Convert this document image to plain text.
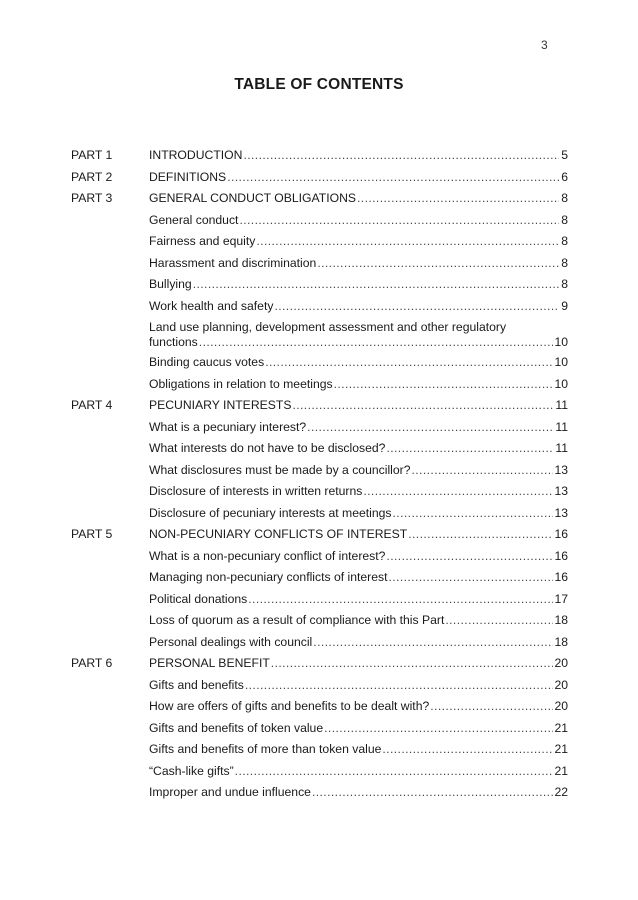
3
TABLE OF CONTENTS
PART 1	INTRODUCTION .....	5
PART 2	DEFINITIONS .....	6
PART 3	GENERAL CONDUCT OBLIGATIONS .....	8
General conduct .....	8
Fairness and equity .....	8
Harassment and discrimination .....	8
Bullying .....	8
Work health and safety .....	9
Land use planning, development assessment and other regulatory
functions .....	10
Binding caucus votes .....	10
Obligations in relation to meetings .....	10
PART 4	PECUNIARY INTERESTS .....	11
What is a pecuniary interest? .....	11
What interests do not have to be disclosed? .....	11
What disclosures must be made by a councillor? .....	13
Disclosure of interests in written returns .....	13
Disclosure of pecuniary interests at meetings .....	13
PART 5	NON-PECUNIARY CONFLICTS OF INTEREST .....	16
What is a non-pecuniary conflict of interest? .....	16
Managing non-pecuniary conflicts of interest .....	16
Political donations .....	17
Loss of quorum as a result of compliance with this Part .....	18
Personal dealings with council .....	18
PART 6	PERSONAL BENEFIT .....	20
Gifts and benefits .....	20
How are offers of gifts and benefits to be dealt with? .....	20
Gifts and benefits of token value .....	21
Gifts and benefits of more than token value .....	21
“Cash-like gifts” .....	21
Improper and undue influence .....	22
